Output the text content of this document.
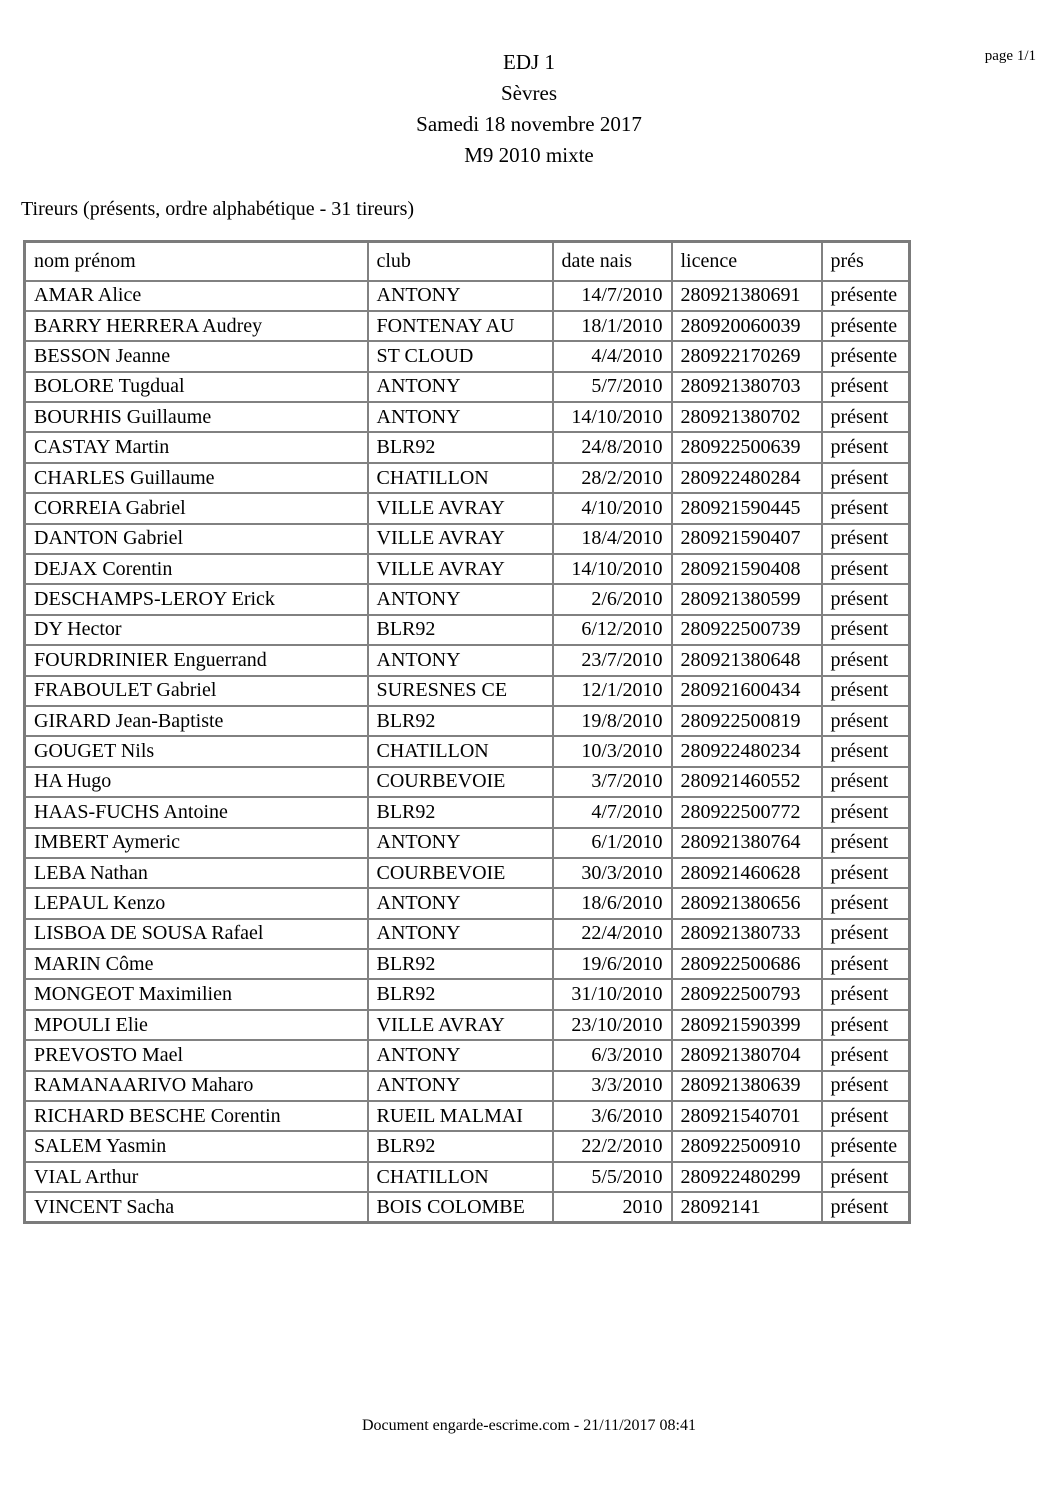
EDJ 1
Sèvres
Samedi 18 novembre 2017
M9 2010 mixte
page 1/1
Tireurs (présents, ordre alphabétique - 31 tireurs)
nom prénom	club	date nais	licence	prés
AMAR Alice	ANTONY	14/7/2010	280921380691	présente
BARRY HERRERA Audrey	FONTENAY AU	18/1/2010	280920060039	présente
BESSON Jeanne	ST CLOUD	4/4/2010	280922170269	présente
BOLORE Tugdual	ANTONY	5/7/2010	280921380703	présent
BOURHIS Guillaume	ANTONY	14/10/2010	280921380702	présent
CASTAY Martin	BLR92	24/8/2010	280922500639	présent
CHARLES Guillaume	CHATILLON	28/2/2010	280922480284	présent
CORREIA Gabriel	VILLE AVRAY	4/10/2010	280921590445	présent
DANTON Gabriel	VILLE AVRAY	18/4/2010	280921590407	présent
DEJAX Corentin	VILLE AVRAY	14/10/2010	280921590408	présent
DESCHAMPS-LEROY Erick	ANTONY	2/6/2010	280921380599	présent
DY Hector	BLR92	6/12/2010	280922500739	présent
FOURDRINIER Enguerrand	ANTONY	23/7/2010	280921380648	présent
FRABOULET Gabriel	SURESNES CE	12/1/2010	280921600434	présent
GIRARD Jean-Baptiste	BLR92	19/8/2010	280922500819	présent
GOUGET Nils	CHATILLON	10/3/2010	280922480234	présent
HA Hugo	COURBEVOIE	3/7/2010	280921460552	présent
HAAS-FUCHS Antoine	BLR92	4/7/2010	280922500772	présent
IMBERT Aymeric	ANTONY	6/1/2010	280921380764	présent
LEBA Nathan	COURBEVOIE	30/3/2010	280921460628	présent
LEPAUL Kenzo	ANTONY	18/6/2010	280921380656	présent
LISBOA DE SOUSA Rafael	ANTONY	22/4/2010	280921380733	présent
MARIN Côme	BLR92	19/6/2010	280922500686	présent
MONGEOT Maximilien	BLR92	31/10/2010	280922500793	présent
MPOULI Elie	VILLE AVRAY	23/10/2010	280921590399	présent
PREVOSTO Mael	ANTONY	6/3/2010	280921380704	présent
RAMANAARIVO Maharo	ANTONY	3/3/2010	280921380639	présent
RICHARD BESCHE Corentin	RUEIL MALMAI	3/6/2010	280921540701	présent
SALEM Yasmin	BLR92	22/2/2010	280922500910	présente
VIAL Arthur	CHATILLON	5/5/2010	280922480299	présent
VINCENT Sacha	BOIS COLOMBE	2010	28092141	présent
Document engarde-escrime.com - 21/11/2017 08:41
